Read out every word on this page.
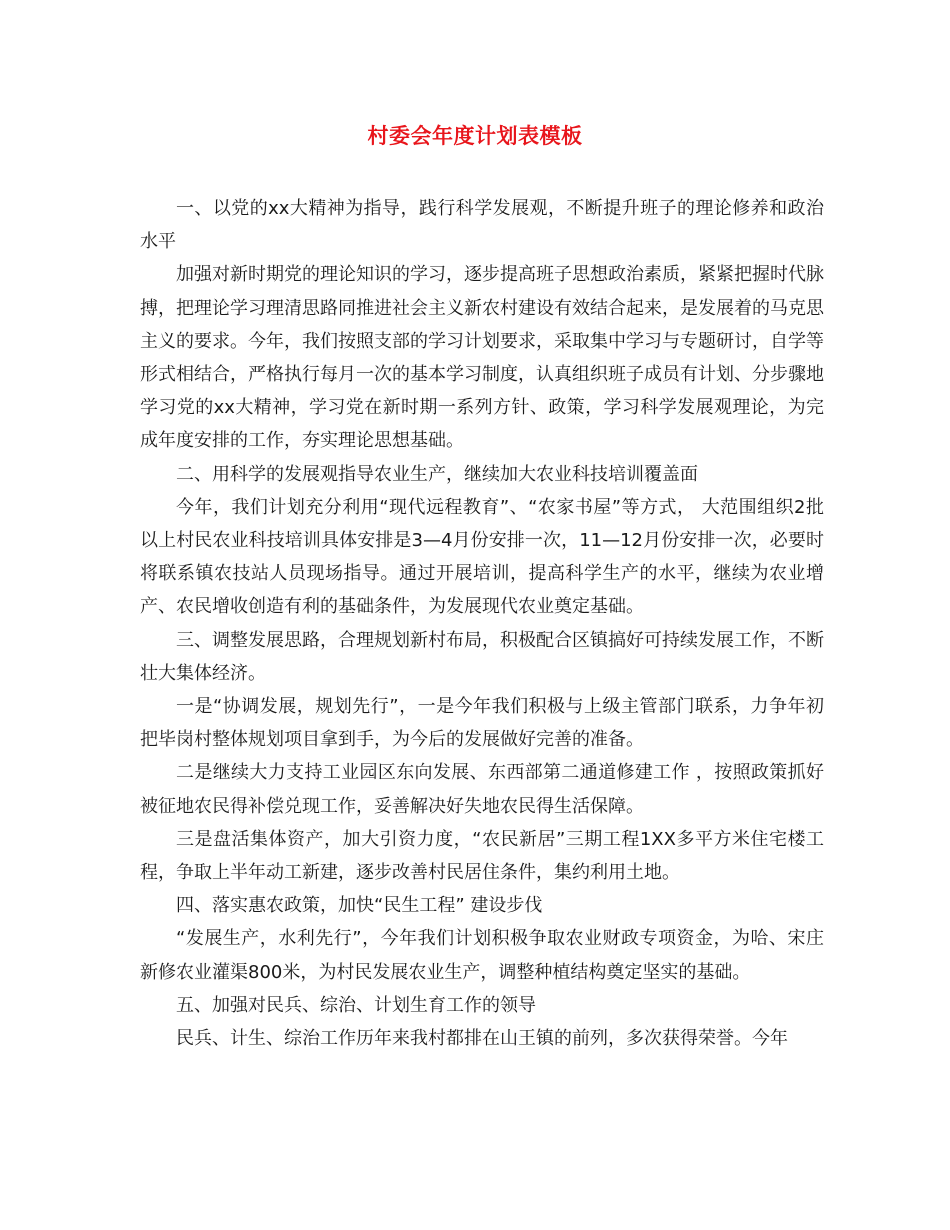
村委会年度计划表模板

一、以党的xx大精神为指导，践行科学发展观，不断提升班子的理论修养和政治水平

加强对新时期党的理论知识的学习，逐步提高班子思想政治素质，紧紧把握时代脉搏，把理论学习理清思路同推进社会主义新农村建设有效结合起来，是发展着的马克思主义的要求。今年，我们按照支部的学习计划要求，采取集中学习与专题研讨，自学等形式相结合，严格执行每月一次的基本学习制度，认真组织班子成员有计划、分步骤地学习党的xx大精神，学习党在新时期一系列方针、政策，学习科学发展观理论，为完成年度安排的工作，夯实理论思想基础。

二、用科学的发展观指导农业生产，继续加大农业科技培训覆盖面

今年，我们计划充分利用“现代远程教育”、“农家书屋”等方式， 大范围组织2批以上村民农业科技培训具体安排是3—4月份安排一次，11—12月份安排一次，必要时将联系镇农技站人员现场指导。通过开展培训，提高科学生产的水平，继续为农业增产、农民增收创造有利的基础条件，为发展现代农业奠定基础。

三、调整发展思路，合理规划新村布局，积极配合区镇搞好可持续发展工作，不断壮大集体经济。

一是“协调发展，规划先行”，一是今年我们积极与上级主管部门联系，力争年初把毕岗村整体规划项目拿到手，为今后的发展做好完善的准备。

二是继续大力支持工业园区东向发展、东西部第二通道修建工作 ，按照政策抓好被征地农民得补偿兑现工作，妥善解决好失地农民得生活保障。

三是盘活集体资产，加大引资力度，“农民新居”三期工程1XX多平方米住宅楼工程，争取上半年动工新建，逐步改善村民居住条件，集约利用土地。

四、落实惠农政策，加快“民生工程” 建设步伐

“发展生产，水利先行”，今年我们计划积极争取农业财政专项资金，为哈、宋庄新修农业灌渠800米，为村民发展农业生产，调整种植结构奠定坚实的基础。

五、加强对民兵、综治、计划生育工作的领导

民兵、计生、综治工作历年来我村都排在山王镇的前列，多次获得荣誉。今年
